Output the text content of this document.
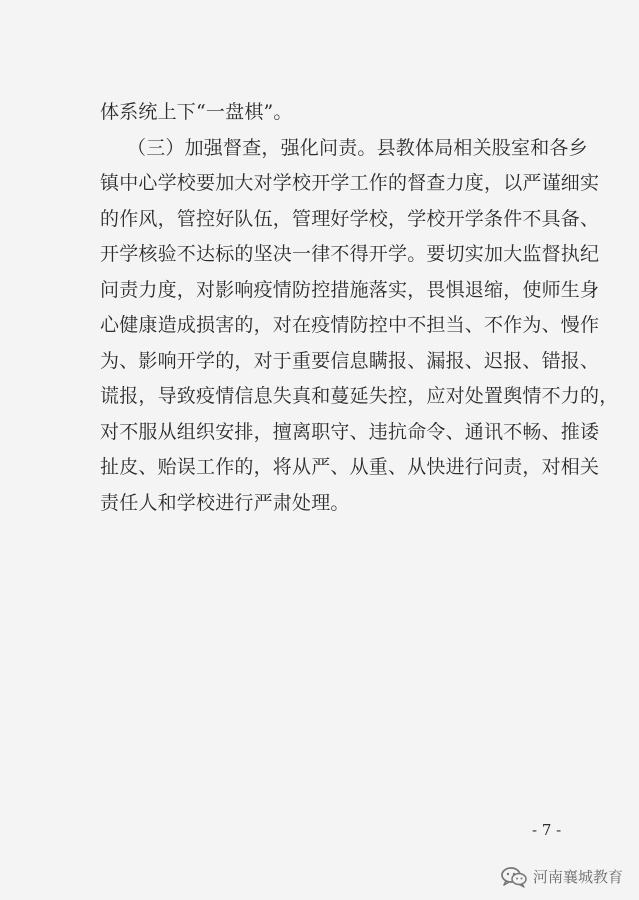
体系统上下“一盘棋”。

（三）加强督查，强化问责。县教体局相关股室和各乡

镇中心学校要加大对学校开学工作的督查力度，以严谨细实

的作风，管控好队伍，管理好学校，学校开学条件不具备、

开学核验不达标的坚决一律不得开学。要切实加大监督执纪

问责力度，对影响疫情防控措施落实，畏惧退缩，使师生身

心健康造成损害的，对在疫情防控中不担当、不作为、慢作

为、影响开学的，对于重要信息瞒报、漏报、迟报、错报、

谎报，导致疫情信息失真和蔓延失控，应对处置舆情不力的，

对不服从组织安排，擅离职守、违抗命令、通讯不畅、推诿

扯皮、贻误工作的，将从严、从重、从快进行问责，对相关

责任人和学校进行严肃处理。

- 7 -
河南襄城教育
